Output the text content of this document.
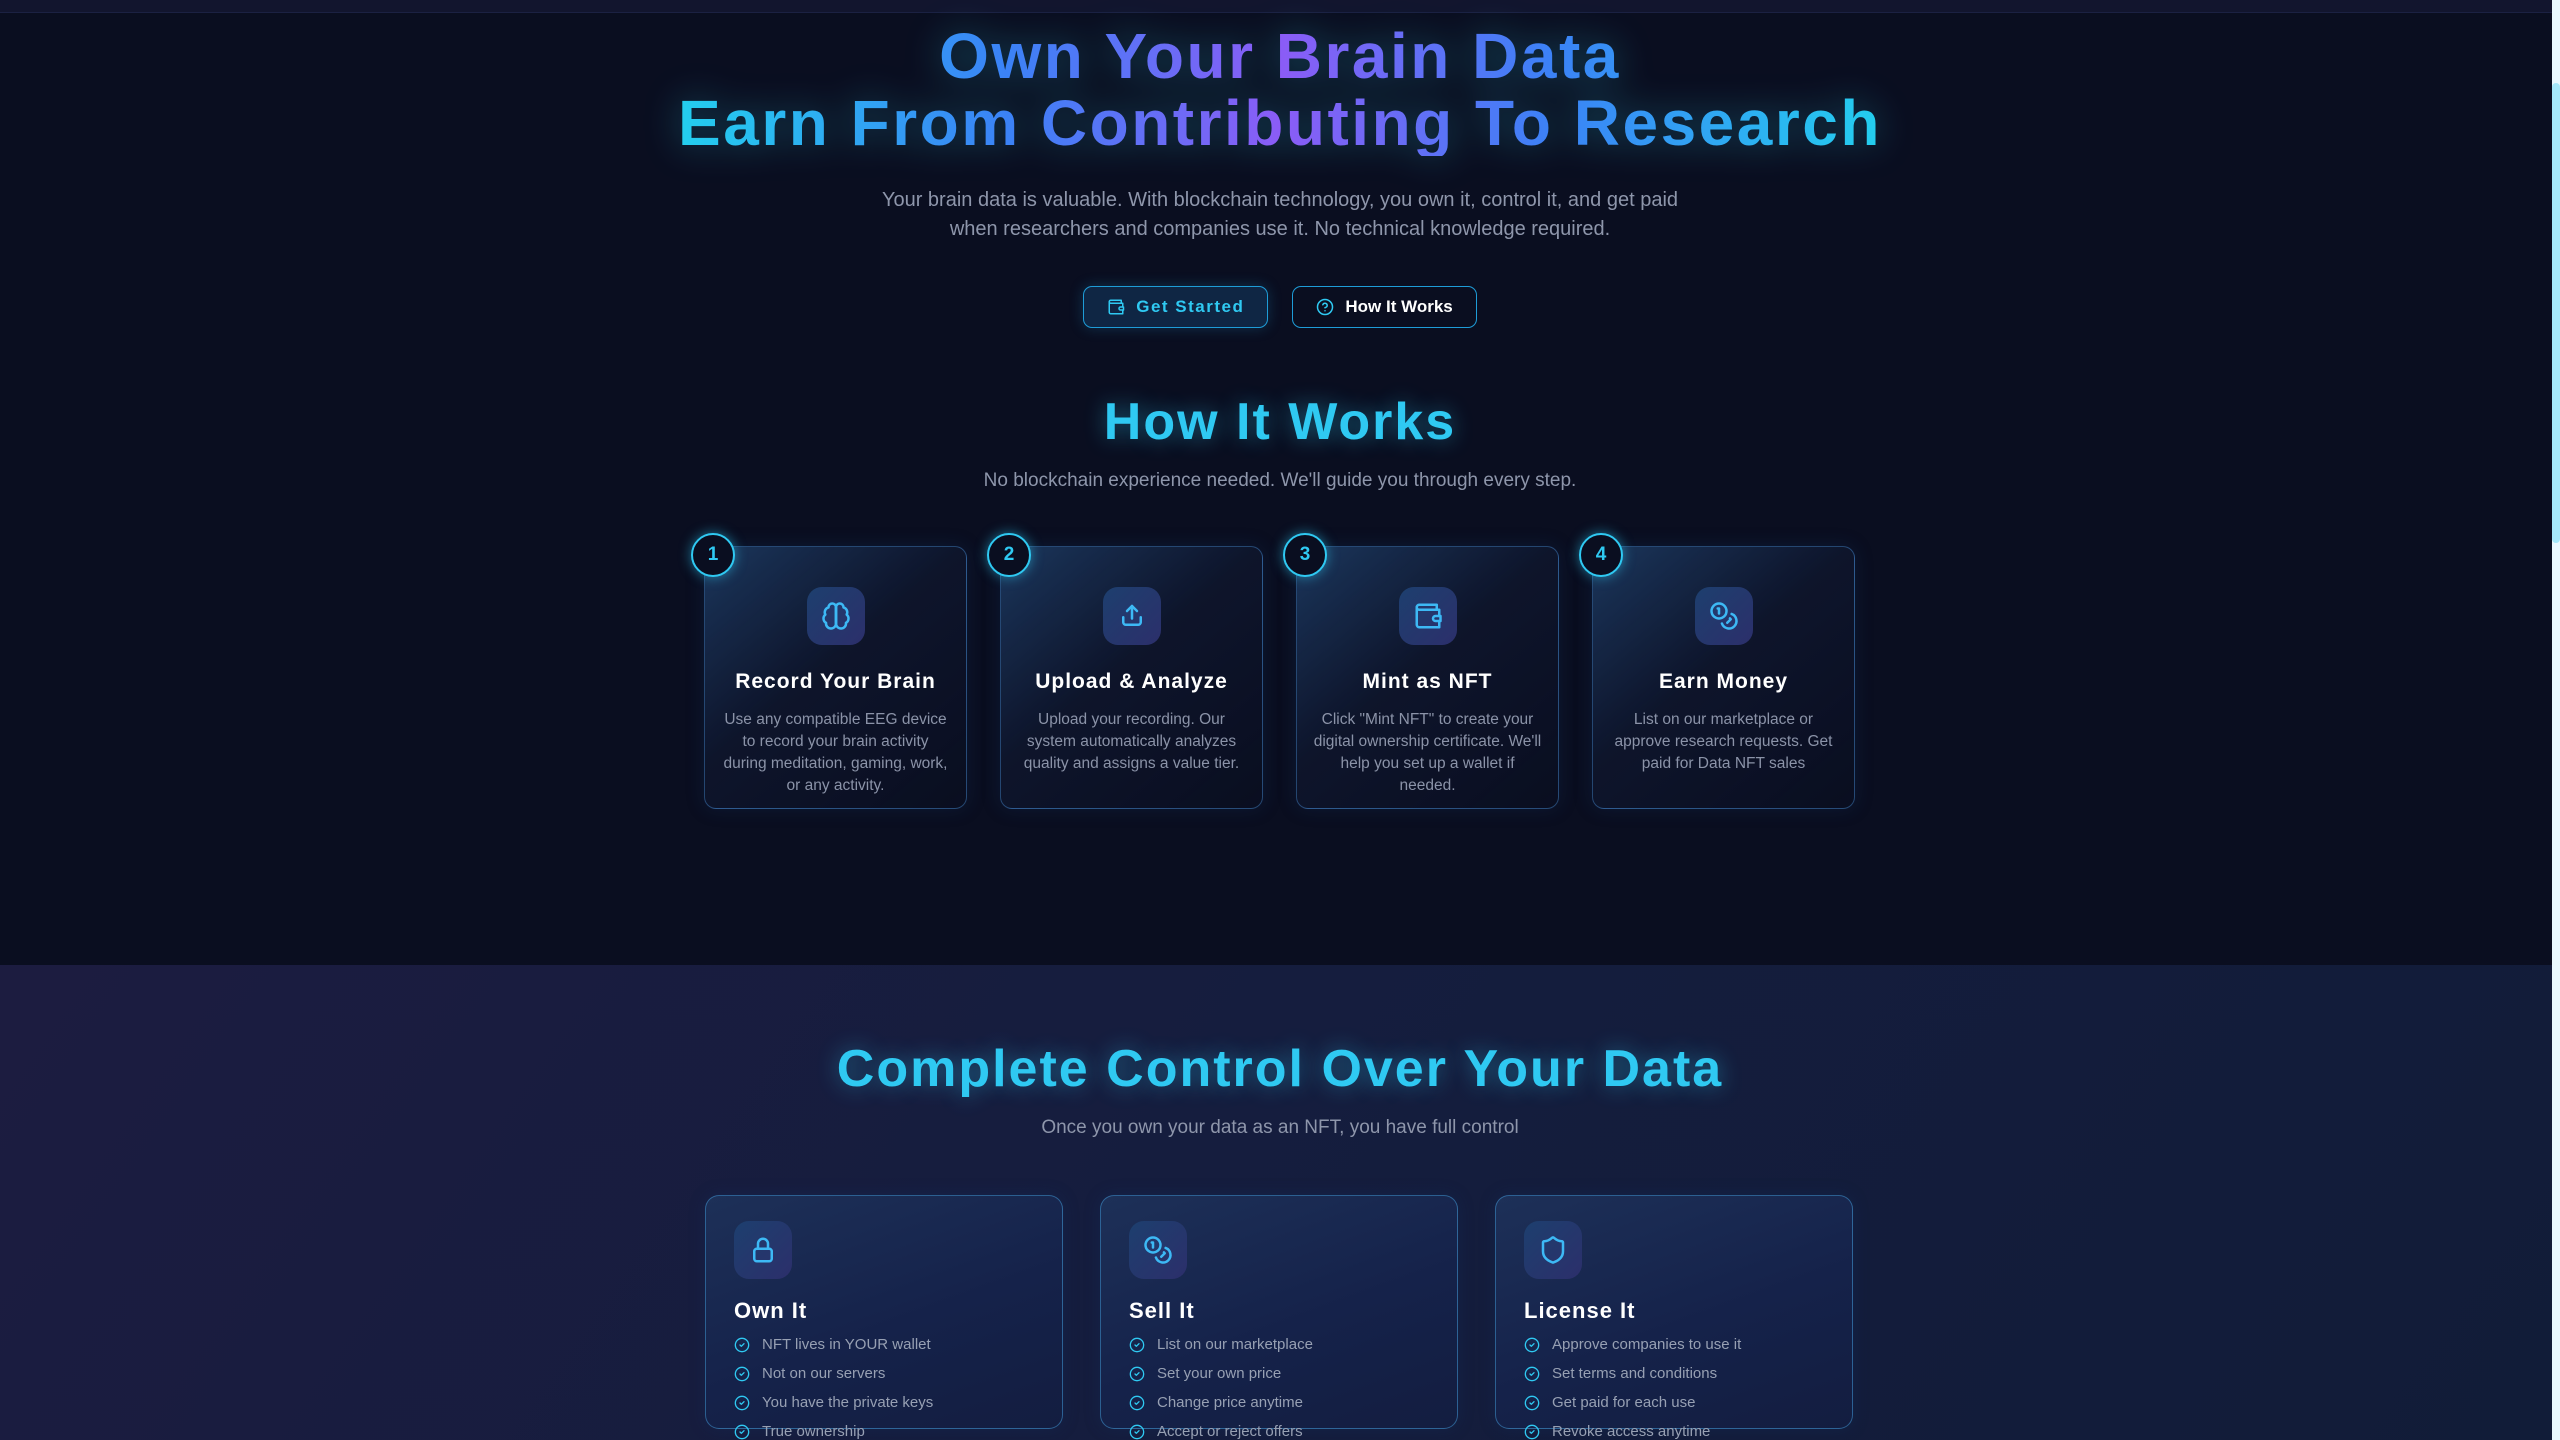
Own Your Brain Data
Earn From Contributing To Research

Your brain data is valuable. With blockchain technology, you own it, control it, and get paid when researchers and companies use it. No technical knowledge required.

Get Started	How It Works
How It Works

No blockchain experience needed. We'll guide you through every step.

1
Record Your Brain
Use any compatible EEG device to record your brain activity during meditation, gaming, work, or any activity.
2
Upload & Analyze
Upload your recording. Our system automatically analyzes quality and assigns a value tier.
3
Mint as NFT
Click "Mint NFT" to create your digital ownership certificate. We'll help you set up a wallet if needed.
4
Earn Money
List on our marketplace or approve research requests. Get paid for Data NFT sales
Complete Control Over Your Data

Once you own your data as an NFT, you have full control

Own It
NFT lives in YOUR wallet
Not on our servers
You have the private keys
True ownership
Sell It
List on our marketplace
Set your own price
Change price anytime
Accept or reject offers
License It
Approve companies to use it
Set terms and conditions
Get paid for each use
Revoke access anytime
